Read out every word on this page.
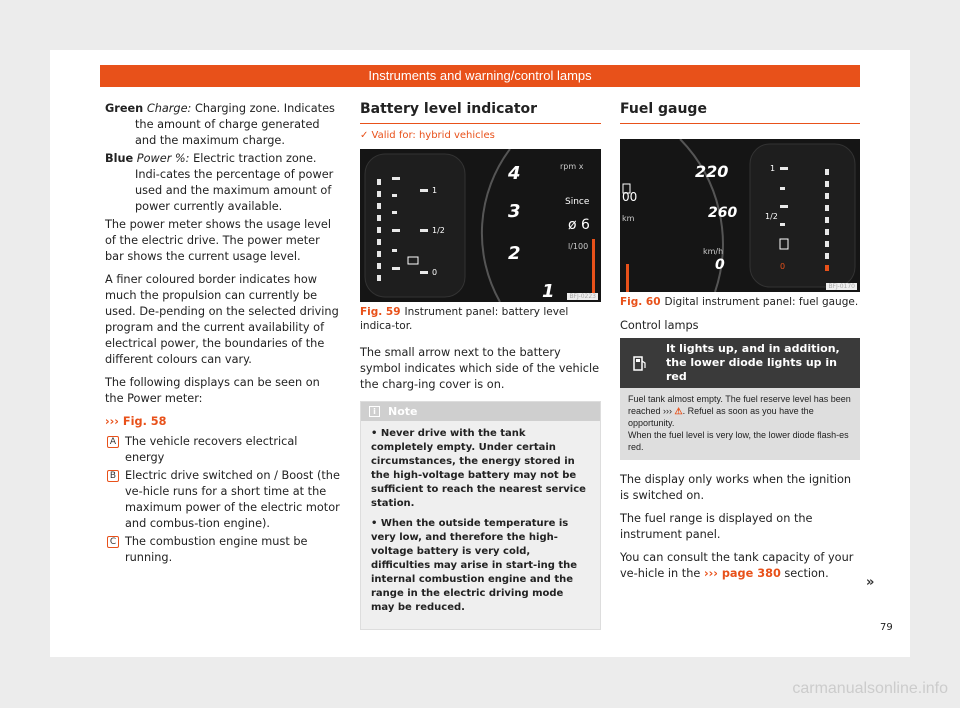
Instruments and warning/control lamps

Green Charge: Charging zone. Indicates the amount of charge generated and the maximum charge.

Blue Power %: Electric traction zone. Indi-cates the percentage of power used and the maximum amount of power currently available.

The power meter shows the usage level of the electric drive. The power meter bar shows the current usage level.

A finer coloured border indicates how much the propulsion can currently be used. De-pending on the selected driving program and the current availability of electrical power, the boundaries of the different colours can vary.

The following displays can be seen on the Power meter:

››› Fig. 58

A The vehicle recovers electrical energy
B Electric drive switched on / Boost (the ve-hicle runs for a short time at the maximum power of the electric motor and combus-tion engine).
C The combustion engine must be running.
Battery level indicator
✓ Valid for: hybrid vehicles
1
1/2
0
4
3
2
1
rpm x
Since
ø 6
l/100
BFJ-0223
Fig. 59 Instrument panel: battery level indica-tor.

The small arrow next to the battery symbol indicates which side of the vehicle the charg-ing cover is on.

i	Note
• Never drive with the tank completely empty. Under certain circumstances, the energy stored in the high-voltage battery may not be sufficient to reach the nearest service station.
• When the outside temperature is very low, and therefore the high-voltage battery is very cold, difficulties may arise in start-ing the internal combustion engine and the range in the electric driving mode may be reduced.
Fuel gauge
00
km
220
260
km/h
0
1
1/2
0
BFJ-0170
Fig. 60 Digital instrument panel: fuel gauge.
Control lamps
It lights up, and in addition, the lower diode lights up in red
Fuel tank almost empty. The fuel reserve level has been reached ››› ⚠. Refuel as soon as you have the opportunity.
When the fuel level is very low, the lower diode flash-es red.

The display only works when the ignition is switched on.

The fuel range is displayed on the instrument panel.

You can consult the tank capacity of your ve-hicle in the ››› page 380 section.

»
79
carmanualsonline.info
